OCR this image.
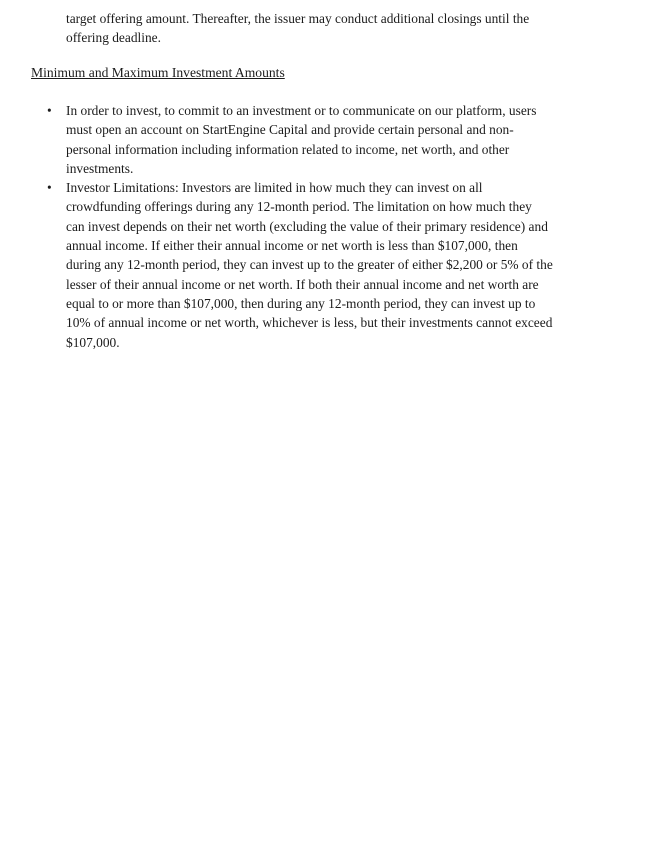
target offering amount. Thereafter, the issuer may conduct additional closings until the
offering deadline.
Minimum and Maximum Investment Amounts
• In order to invest, to commit to an investment or to communicate on our platform, users
must open an account on StartEngine Capital and provide certain personal and non-
personal information including information related to income, net worth, and other
investments.
• Investor Limitations: Investors are limited in how much they can invest on all
crowdfunding offerings during any 12-month period. The limitation on how much they
can invest depends on their net worth (excluding the value of their primary residence) and
annual income. If either their annual income or net worth is less than $107,000, then
during any 12-month period, they can invest up to the greater of either $2,200 or 5% of the
lesser of their annual income or net worth. If both their annual income and net worth are
equal to or more than $107,000, then during any 12-month period, they can invest up to
10% of annual income or net worth, whichever is less, but their investments cannot exceed
$107,000.
